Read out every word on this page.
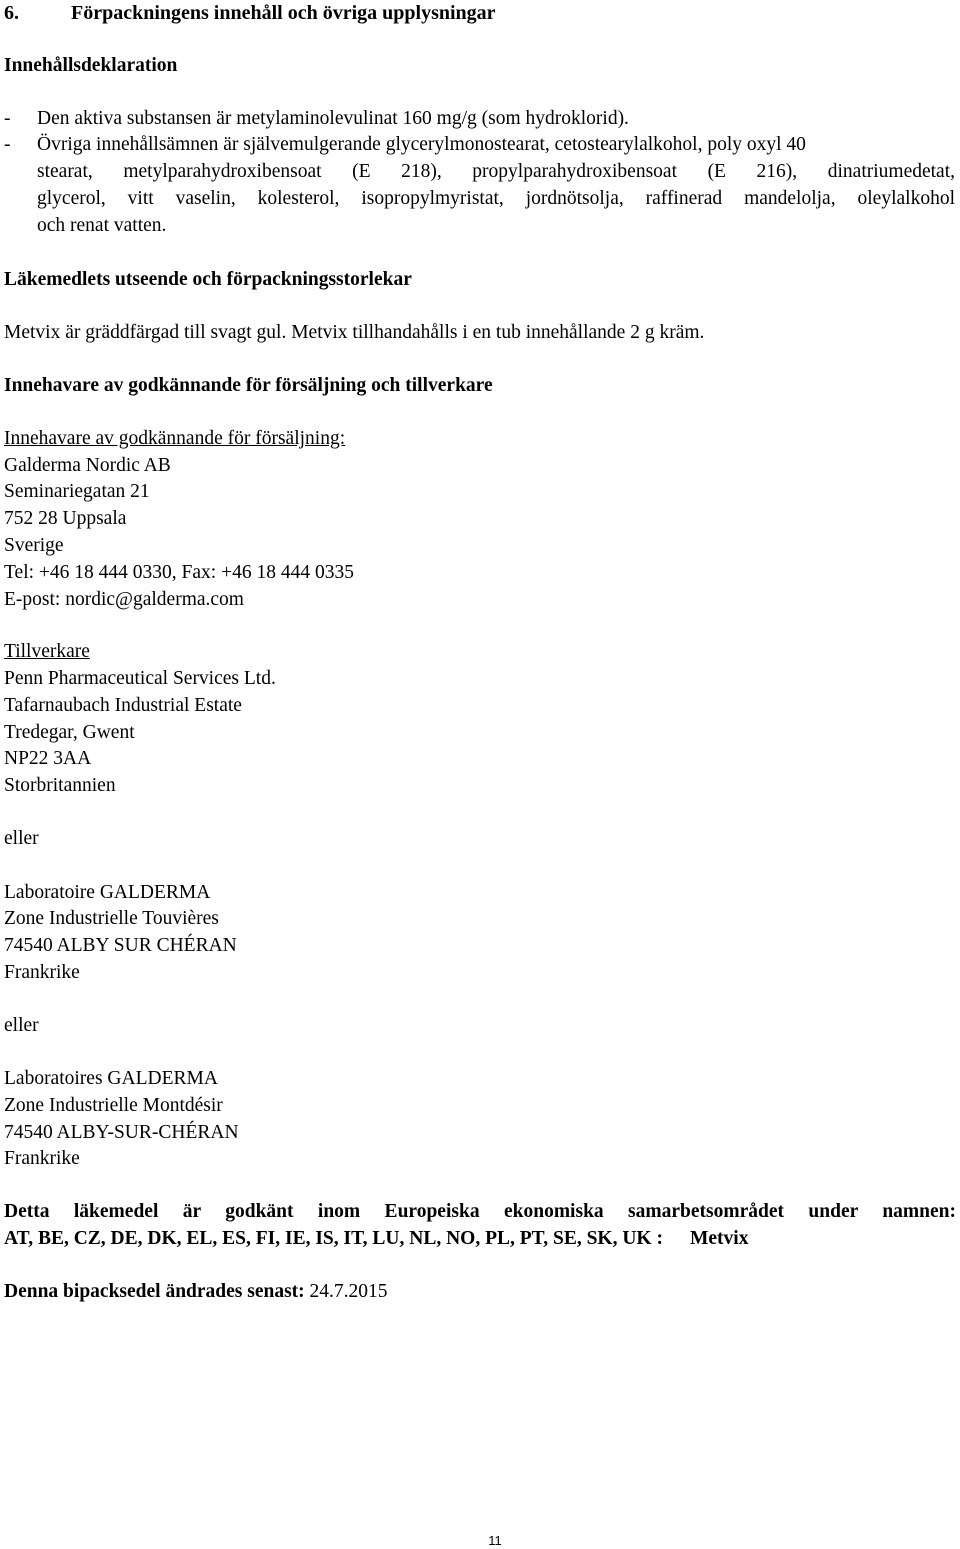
6.	Förpackningens innehåll och övriga upplysningar
Innehållsdeklaration
- Den aktiva substansen är metylaminolevulinat 160 mg/g (som hydroklorid).
- Övriga innehållsämnen är självemulgerande glycerylmonostearat, cetostearylalkohol, poly oxyl 40
stearat, metylparahydroxibensoat (E 218), propylparahydroxibensoat (E 216), dinatriumedetat,
glycerol, vitt vaselin, kolesterol, isopropylmyristat, jordnötsolja, raffinerad mandelolja, oleylalkohol
och renat vatten.
Läkemedlets utseende och förpackningsstorlekar
Metvix är gräddfärgad till svagt gul. Metvix tillhandahålls i en tub innehållande 2 g kräm.
Innehavare av godkännande för försäljning och tillverkare
Innehavare av godkännande för försäljning:
Galderma Nordic AB
Seminariegatan 21
752 28 Uppsala
Sverige
Tel: +46 18 444 0330, Fax: +46 18 444 0335
E-post: nordic@galderma.com
Tillverkare
Penn Pharmaceutical Services Ltd.
Tafarnaubach Industrial Estate
Tredegar, Gwent
NP22 3AA
Storbritannien
eller
Laboratoire GALDERMA
Zone Industrielle Touvières
74540 ALBY SUR CHÉRAN
Frankrike
eller
Laboratoires GALDERMA
Zone Industrielle Montdésir
74540 ALBY-SUR-CHÉRAN
Frankrike
Detta läkemedel är godkänt inom Europeiska ekonomiska samarbetsområdet under namnen:
AT, BE, CZ, DE, DK, EL, ES, FI, IE, IS, IT, LU, NL, NO, PL, PT, SE, SK, UK : Metvix
Denna bipacksedel ändrades senast: 24.7.2015
11
